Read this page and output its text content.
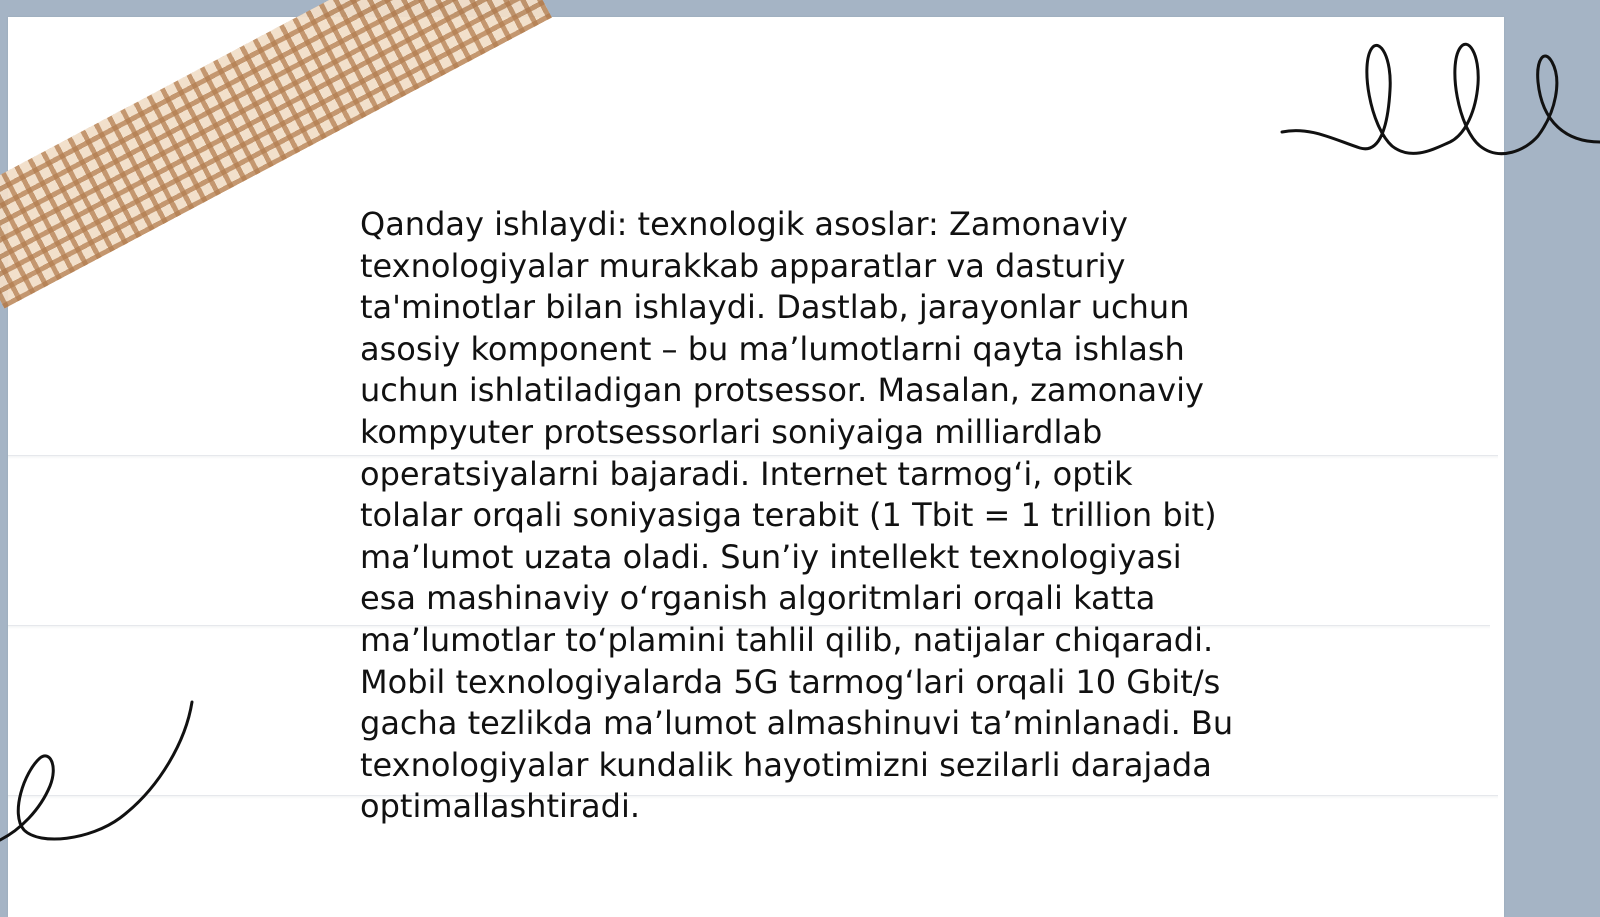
Qanday ishlaydi: texnologik asoslar: Zamonaviy
texnologiyalar murakkab apparatlar va dasturiy
ta'minotlar bilan ishlaydi. Dastlab, jarayonlar uchun
asosiy komponent – bu ma’lumotlarni qayta ishlash
uchun ishlatiladigan protsessor. Masalan, zamonaviy
kompyuter protsessorlari soniyaiga milliardlab
operatsiyalarni bajaradi. Internet tarmog‘i, optik
tolalar orqali soniyasiga terabit (1 Tbit = 1 trillion bit)
ma’lumot uzata oladi. Sun’iy intellekt texnologiyasi
esa mashinaviy o‘rganish algoritmlari orqali katta
ma’lumotlar to‘plamini tahlil qilib, natijalar chiqaradi.
Mobil texnologiyalarda 5G tarmog‘lari orqali 10 Gbit/s
gacha tezlikda ma’lumot almashinuvi ta’minlanadi. Bu
texnologiyalar kundalik hayotimizni sezilarli darajada
optimallashtiradi.
